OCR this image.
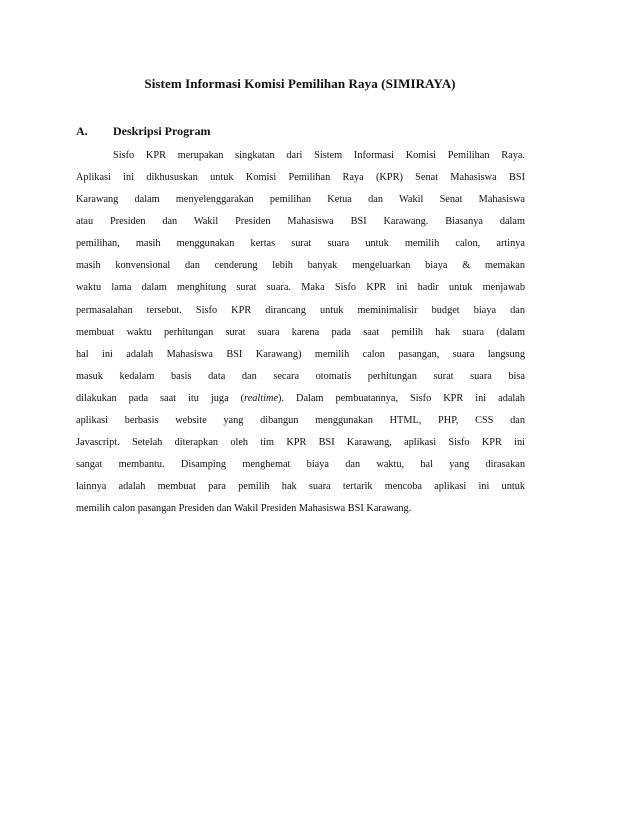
Sistem Informasi Komisi Pemilihan Raya (SIMIRAYA)
A. Deskripsi Program

Sisfo KPR merupakan singkatan dari Sistem Informasi Komisi Pemilihan Raya.
Aplikasi ini dikhususkan untuk Komisi Pemilihan Raya (KPR) Senat Mahasiswa BSI
Karawang dalam menyelenggarakan pemilihan Ketua dan Wakil Senat Mahasiswa
atau Presiden dan Wakil Presiden Mahasiswa BSI Karawang. Biasanya dalam
pemilihan, masih menggunakan kertas surat suara untuk memilih calon, artinya
masih konvensional dan cenderung lebih banyak mengeluarkan biaya & memakan
waktu lama dalam menghitung surat suara. Maka Sisfo KPR ini hadir untuk menjawab
permasalahan tersebut. Sisfo KPR dirancang untuk meminimalisir budget biaya dan
membuat waktu perhitungan surat suara karena pada saat pemilih hak suara (dalam
hal ini adalah Mahasiswa BSI Karawang) memilih calon pasangan, suara langsung
masuk kedalam basis data dan secara otomatis perhitungan surat suara bisa
dilakukan pada saat itu juga (realtime). Dalam pembuatannya, Sisfo KPR ini adalah
aplikasi berbasis website yang dibangun menggunakan HTML, PHP, CSS dan
Javascript. Setelah diterapkan oleh tim KPR BSI Karawang, aplikasi Sisfo KPR ini
sangat membantu. Disamping menghemat biaya dan waktu, hal yang dirasakan
lainnya adalah membuat para pemilih hak suara tertarik mencoba aplikasi ini untuk
memilih calon pasangan Presiden dan Wakil Presiden Mahasiswa BSI Karawang.
